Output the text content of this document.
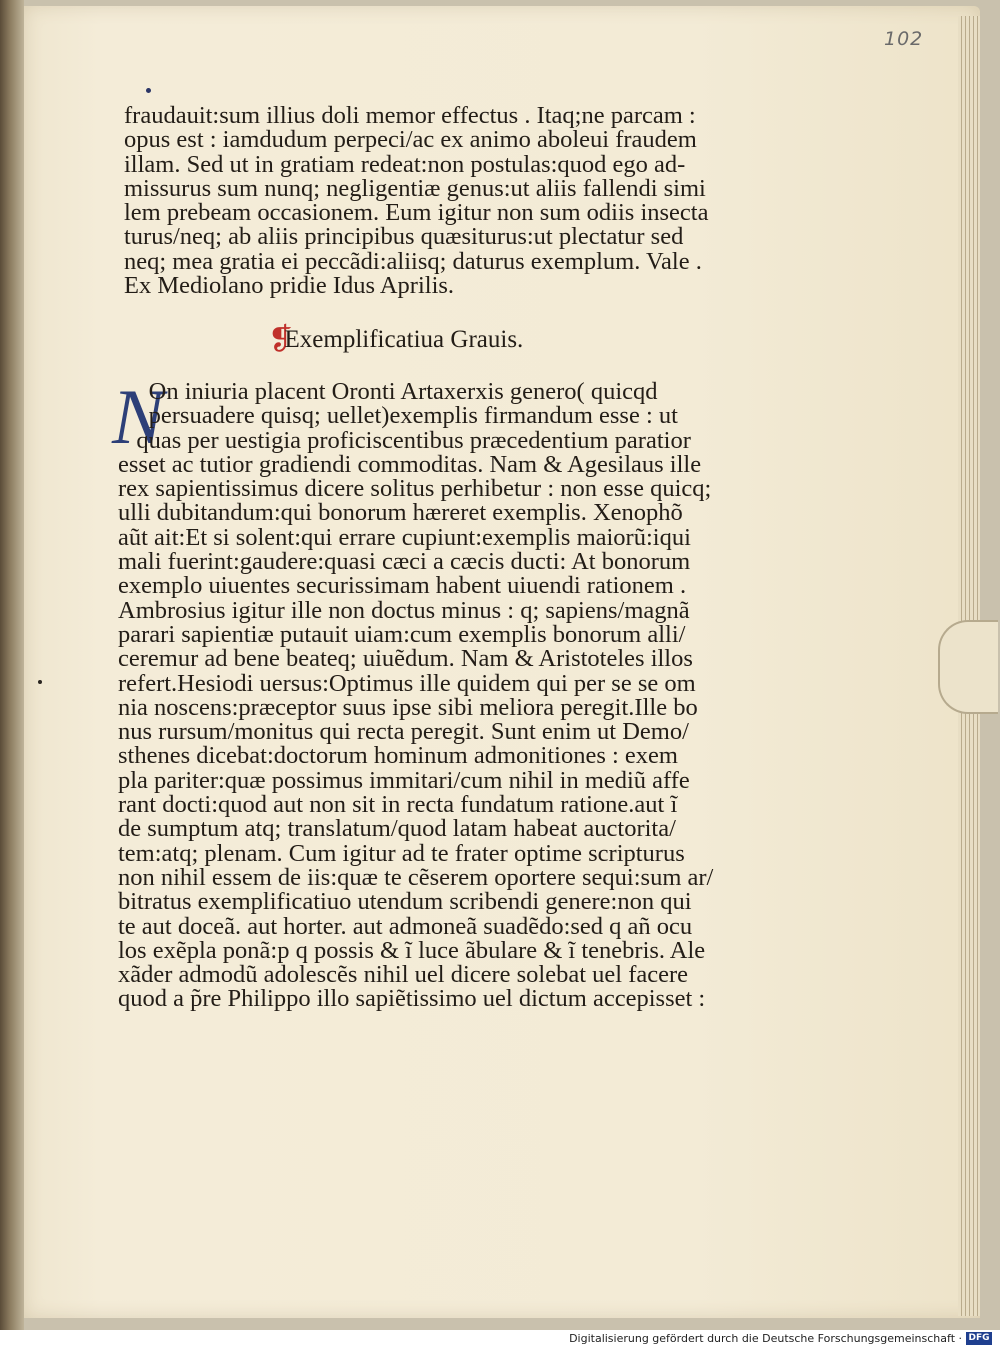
102
fraudauit:sum illius doli memor effectus . Itaq;ne parcam :
opus est : iamdudum perpeci/ac ex animo aboleui fraudem
illam. Sed ut in gratiam redeat:non postulas:quod ego ad-
missurus sum nunq; negligentiæ genus:ut aliis fallendi simi
lem prebeam occasionem. Eum igitur non sum odiis insecta
turus/neq; ab aliis principibus quæsiturus:ut plectatur sed
neq; mea gratia ei peccãdi:aliisq; daturus exemplum. Vale .
Ex Mediolano pridie Idus Aprilis.
❡
Exemplificatiua Grauis.
N
On iniuria placent Oronti Artaxerxis genero( quicqd
persuadere quisq; uellet)exemplis firmandum esse : ut
quas per uestigia proficiscentibus præcedentium paratior
esset ac tutior gradiendi commoditas. Nam & Agesilaus ille
rex sapientissimus dicere solitus perhibetur : non esse quicq;
ulli dubitandum:qui bonorum hæreret exemplis. Xenophõ
aũt ait:Et si solent:qui errare cupiunt:exemplis maiorũ:iqui
mali fuerint:gaudere:quasi cæci a cæcis ducti: At bonorum
exemplo uiuentes securissimam habent uiuendi rationem .
Ambrosius igitur ille non doctus minus : q; sapiens/magnã
parari sapientiæ putauit uiam:cum exemplis bonorum alli/
ceremur ad bene beateq; uiuẽdum. Nam & Aristoteles illos
refert.Hesiodi uersus:Optimus ille quidem qui per se se om
nia noscens:præceptor suus ipse sibi meliora peregit.Ille bo
nus rursum/monitus qui recta peregit. Sunt enim ut Demo/
sthenes dicebat:doctorum hominum admonitiones : exem
pla pariter:quæ possimus immitari/cum nihil in mediũ affe
rant docti:quod aut non sit in recta fundatum ratione.aut ĩ
de sumptum atq; translatum/quod latam habeat auctorita/
tem:atq; plenam. Cum igitur ad te frater optime scripturus
non nihil essem de iis:quæ te cẽserem oportere sequi:sum ar/
bitratus exemplificatiuo utendum scribendi genere:non qui
te aut doceã. aut horter. aut admoneã suadẽdo:sed q añ ocu
los exẽpla ponã:p q possis & ĩ luce ãbulare & ĩ tenebris. Ale
xãder admodũ adolescẽs nihil uel dicere solebat uel facere
quod a p̃re Philippo illo sapiẽtissimo uel dictum accepisset :
Digitalisierung gefördert durch die Deutsche Forschungsgemeinschaft · DFG
